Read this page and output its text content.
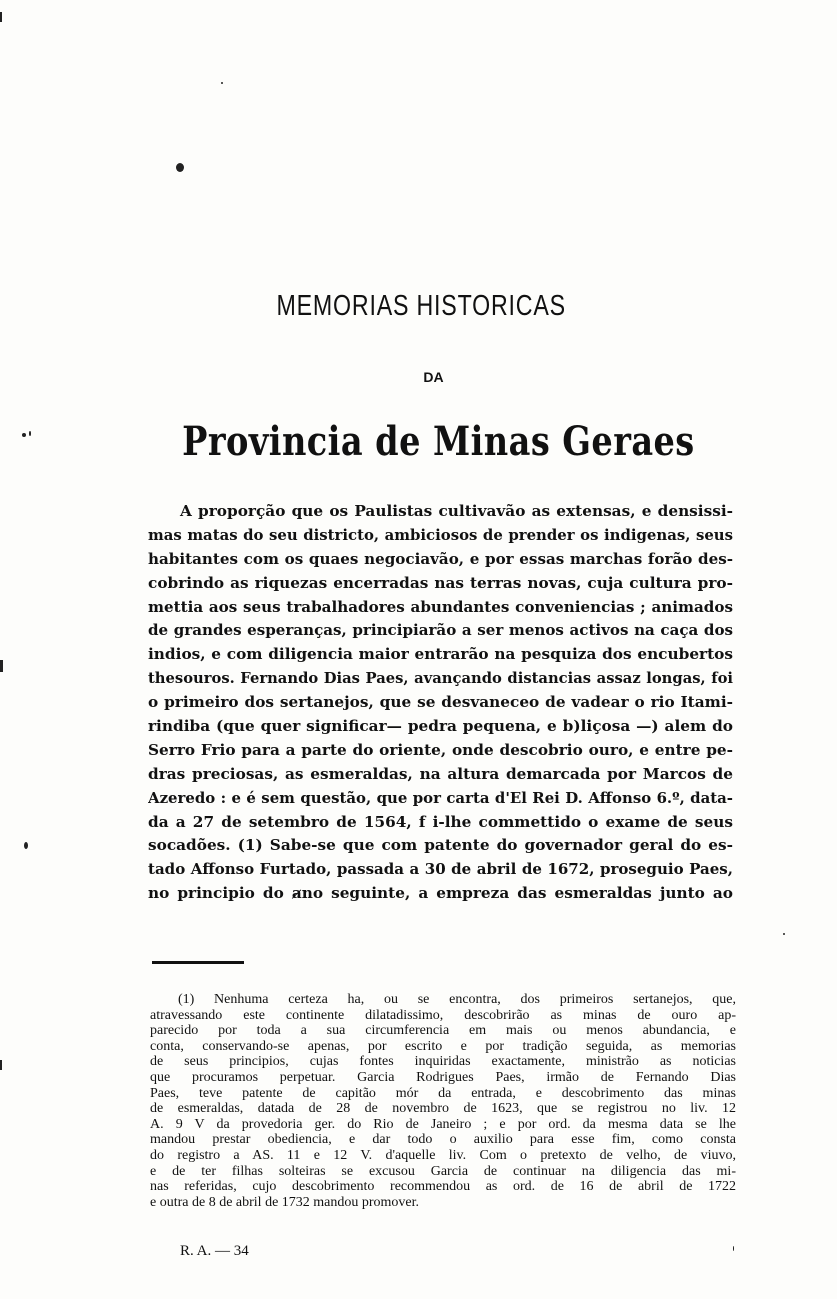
MEMORIAS HISTORICAS
DA
Provincia de Minas Geraes
A proporção que os Paulistas cultivavão as extensas, e densissi-
mas matas do seu districto, ambiciosos de prender os indigenas, seus
habitantes com os quaes negociavão, e por essas marchas forão des-
cobrindo as riquezas encerradas nas terras novas, cuja cultura pro-
mettia aos seus trabalhadores abundantes conveniencias ; animados
de grandes esperanças, principiarão a ser menos activos na caça dos
indios, e com diligencia maior entrarão na pesquiza dos encubertos
thesouros. Fernando Dias Paes, avançando distancias assaz longas, foi
o primeiro dos sertanejos, que se desvaneceo de vadear o rio Itami-
rindiba (que quer significar— pedra pequena, e b)liçosa —) alem do
Serro Frio para a parte do oriente, onde descobrio ouro, e entre pe-
dras preciosas, as esmeraldas, na altura demarcada por Marcos de
Azeredo : e é sem questão, que por carta d'El Rei D. Affonso 6.º, data-
da a 27 de setembro de 1564, f i-lhe commettido o exame de seus
socadões. (1) Sabe-se que com patente do governador geral do es-
tado Affonso Furtado, passada a 30 de abril de 1672, proseguio Paes,
no principio do a̷no seguinte, a empreza das esmeraldas junto ao
(1) Nenhuma certeza ha, ou se encontra, dos primeiros sertanejos, que,
atravessando este continente dilatadissimo, descobrirão as minas de ouro ap-
parecido por toda a sua circumferencia em mais ou menos abundancia, e
conta, conservando-se apenas, por escrito e por tradição seguida, as memorias
de seus principios, cujas fontes inquiridas exactamente, ministrão as noticias
que procuramos perpetuar. Garcia Rodrigues Paes, irmão de Fernando Dias
Paes, teve patente de capitão mór da entrada, e descobrimento das minas
de esmeraldas, datada de 28 de novembro de 1623, que se registrou no liv. 12
A. 9 V da provedoria ger. do Rio de Janeiro ; e por ord. da mesma data se lhe
mandou prestar obediencia, e dar todo o auxilio para esse fim, como consta
do registro a AS. 11 e 12 V. d'aquelle liv. Com o pretexto de velho, de viuvo,
e de ter filhas solteiras se excusou Garcia de continuar na diligencia das mi-
nas referidas, cujo descobrimento recommendou as ord. de 16 de abril de 1722
e outra de 8 de abril de 1732 mandou promover.
R. A. — 34
